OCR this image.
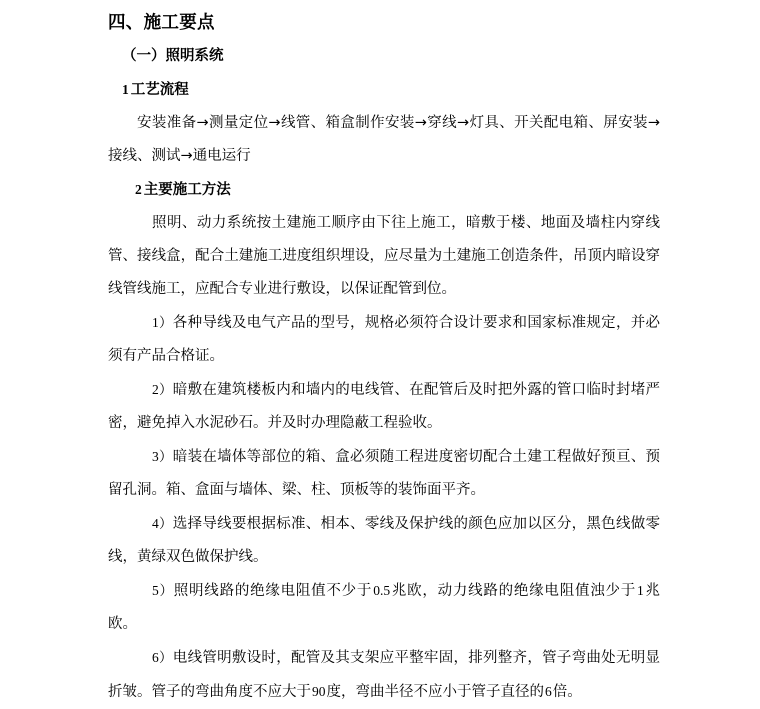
四、施工要点
（一）照明系统
1 工艺流程

安装准备→测量定位→线管、箱盒制作安装→穿线→灯具、开关配电箱、屏安装→接线、测试→通电运行

2 主要施工方法

照明、动力系统按土建施工顺序由下往上施工，暗敷于楼、地面及墙柱内穿线管、接线盒，配合土建施工进度组织埋设，应尽量为土建施工创造条件，吊顶内暗设穿线管线施工，应配合专业进行敷设，以保证配管到位。

1）各种导线及电气产品的型号，规格必须符合设计要求和国家标准规定，并必须有产品合格证。

2）暗敷在建筑楼板内和墙内的电线管、在配管后及时把外露的管口临时封堵严密，避免掉入水泥砂石。并及时办理隐蔽工程验收。

3）暗装在墙体等部位的箱、盒必须随工程进度密切配合土建工程做好预亘、预留孔洞。箱、盒面与墙体、梁、柱、顶板等的装饰面平齐。

4）选择导线要根据标准、相本、零线及保护线的颜色应加以区分，黑色线做零线，黄绿双色做保护线。

5）照明线路的绝缘电阻值不少于0.5兆欧，动力线路的绝缘电阻值浊少于1兆欧。

6）电线管明敷设时，配管及其支架应平整牢固，排列整齐，管子弯曲处无明显折皱。管子的弯曲角度不应大于90度，弯曲半径不应小于管子直径的6倍。
